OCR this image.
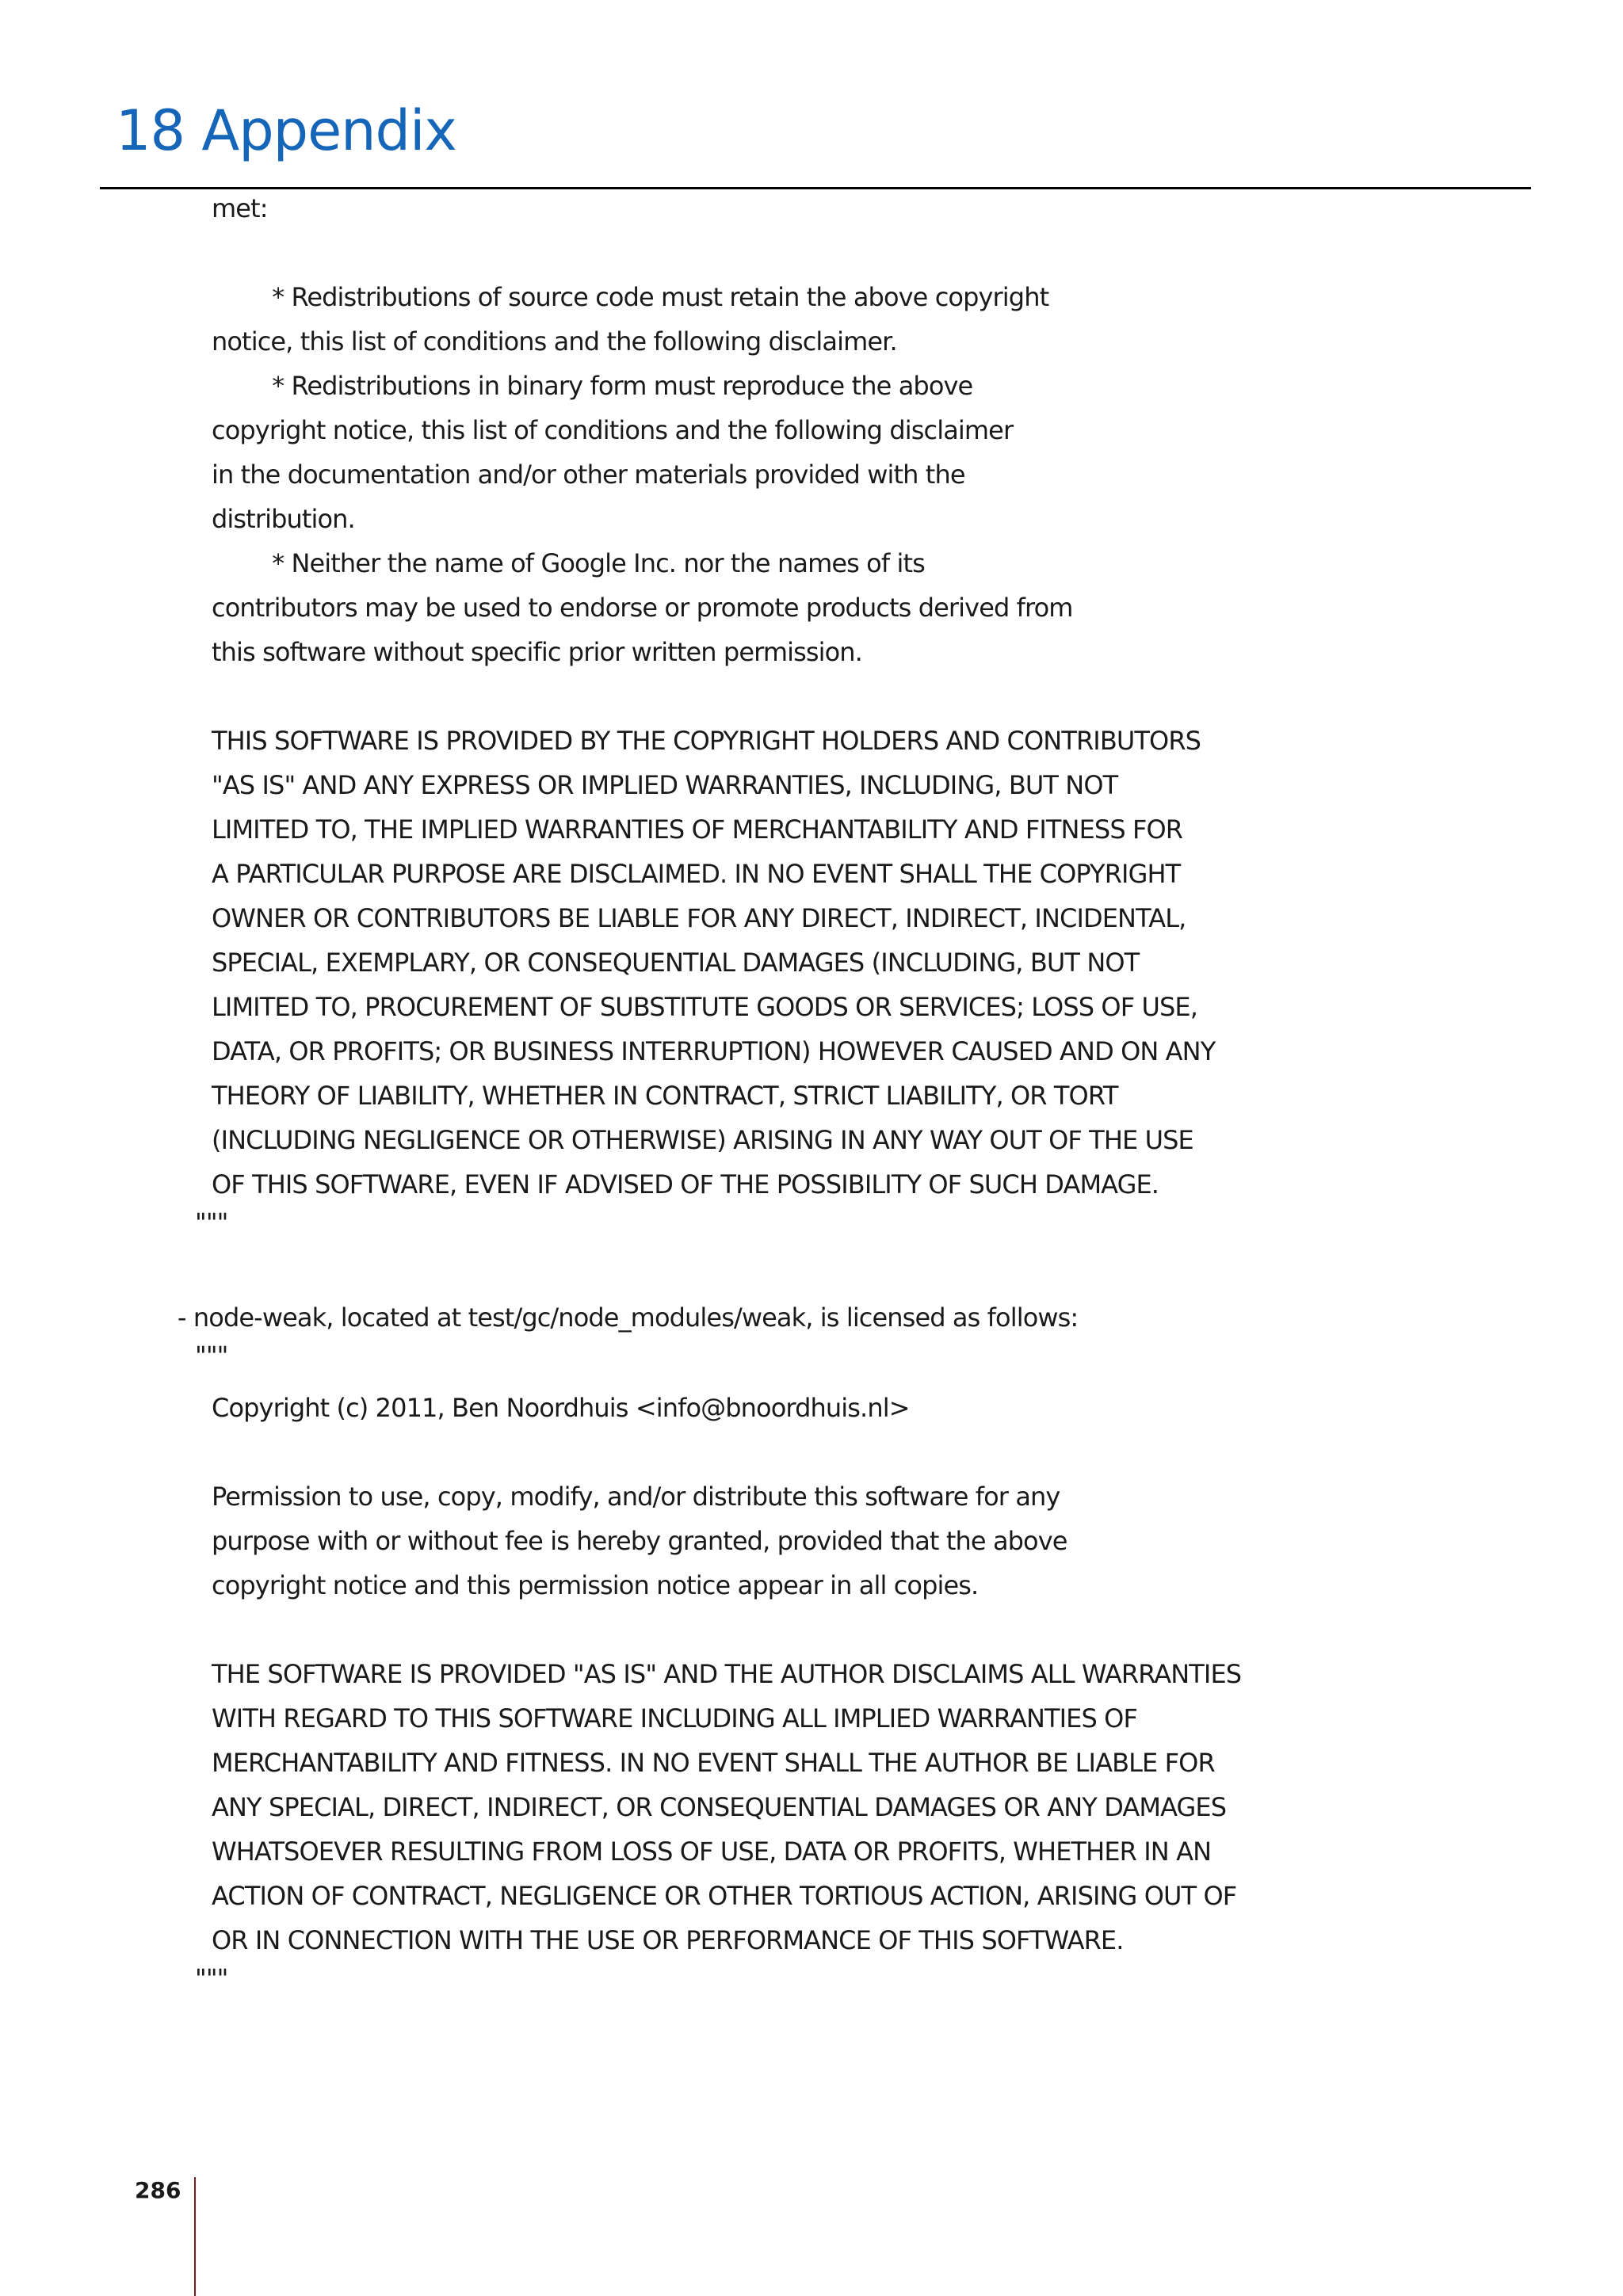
18 Appendix
met:
* Redistributions of source code must retain the above copyright
notice, this list of conditions and the following disclaimer.
* Redistributions in binary form must reproduce the above
copyright notice, this list of conditions and the following disclaimer
in the documentation and/or other materials provided with the
distribution.
* Neither the name of Google Inc. nor the names of its
contributors may be used to endorse or promote products derived from
this software without specific prior written permission.
THIS SOFTWARE IS PROVIDED BY THE COPYRIGHT HOLDERS AND CONTRIBUTORS
"AS IS" AND ANY EXPRESS OR IMPLIED WARRANTIES, INCLUDING, BUT NOT
LIMITED TO, THE IMPLIED WARRANTIES OF MERCHANTABILITY AND FITNESS FOR
A PARTICULAR PURPOSE ARE DISCLAIMED. IN NO EVENT SHALL THE COPYRIGHT
OWNER OR CONTRIBUTORS BE LIABLE FOR ANY DIRECT, INDIRECT, INCIDENTAL,
SPECIAL, EXEMPLARY, OR CONSEQUENTIAL DAMAGES (INCLUDING, BUT NOT
LIMITED TO, PROCUREMENT OF SUBSTITUTE GOODS OR SERVICES; LOSS OF USE,
DATA, OR PROFITS; OR BUSINESS INTERRUPTION) HOWEVER CAUSED AND ON ANY
THEORY OF LIABILITY, WHETHER IN CONTRACT, STRICT LIABILITY, OR TORT
(INCLUDING NEGLIGENCE OR OTHERWISE) ARISING IN ANY WAY OUT OF THE USE
OF THIS SOFTWARE, EVEN IF ADVISED OF THE POSSIBILITY OF SUCH DAMAGE.
"""
- node-weak, located at test/gc/node_modules/weak, is licensed as follows:
"""
Copyright (c) 2011, Ben Noordhuis <info@bnoordhuis.nl>
Permission to use, copy, modify, and/or distribute this software for any
purpose with or without fee is hereby granted, provided that the above
copyright notice and this permission notice appear in all copies.
THE SOFTWARE IS PROVIDED "AS IS" AND THE AUTHOR DISCLAIMS ALL WARRANTIES
WITH REGARD TO THIS SOFTWARE INCLUDING ALL IMPLIED WARRANTIES OF
MERCHANTABILITY AND FITNESS. IN NO EVENT SHALL THE AUTHOR BE LIABLE FOR
ANY SPECIAL, DIRECT, INDIRECT, OR CONSEQUENTIAL DAMAGES OR ANY DAMAGES
WHATSOEVER RESULTING FROM LOSS OF USE, DATA OR PROFITS, WHETHER IN AN
ACTION OF CONTRACT, NEGLIGENCE OR OTHER TORTIOUS ACTION, ARISING OUT OF
OR IN CONNECTION WITH THE USE OR PERFORMANCE OF THIS SOFTWARE.
"""
286
